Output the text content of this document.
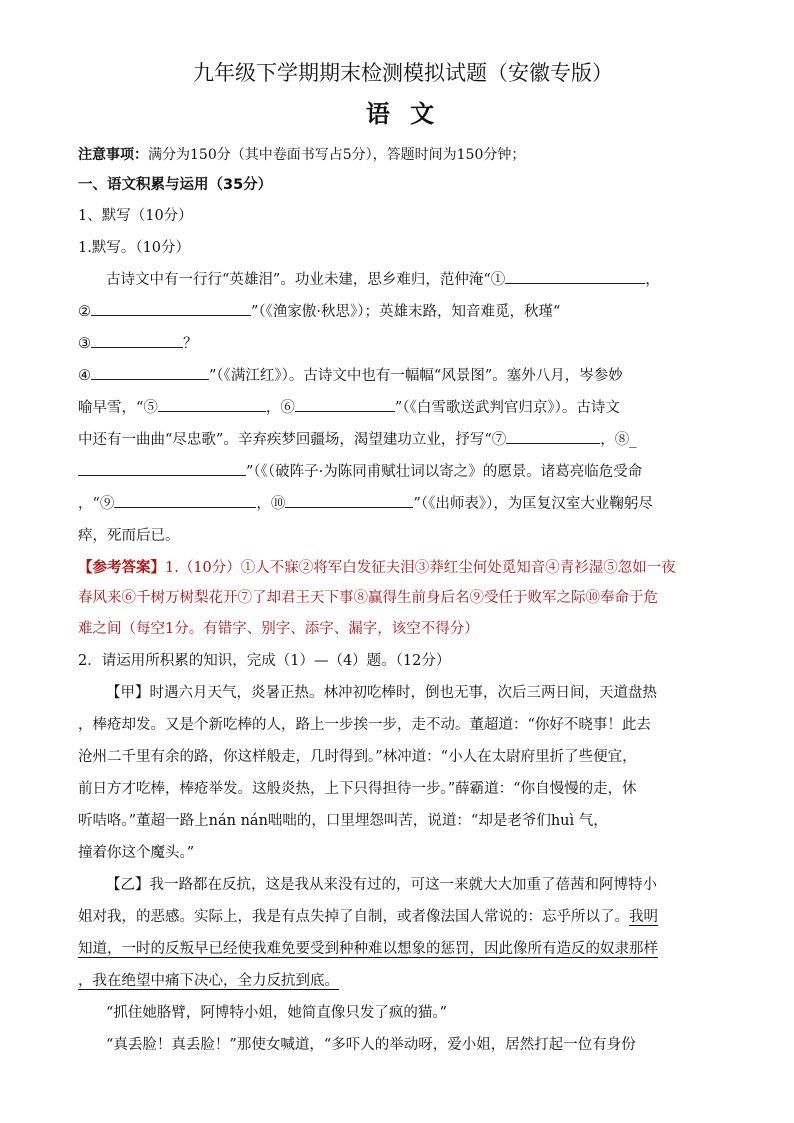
九年级下学期期末检测模拟试题（安徽专版）
语 文
注意事项：满分为150分（其中卷面书写占5分），答题时间为150分钟；
一、语文积累与运用（35分）
1、默写（10分）
1.默写。（10分）
古诗文中有一行行“英雄泪”。功业未建，思乡难归，范仲淹“①	，
②	”（《渔家傲·秋思》）；英雄末路，知音难觅，秋瑾“
③	？
④	”（《满江红》）。古诗文中也有一幅幅“风景图”。塞外八月，岑参妙
喻早雪，“⑤	，⑥	”（《白雪歌送武判官归京》）。古诗文
中还有一曲曲“尽忠歌”。辛弃疾梦回疆场，渴望建功立业，抒写“⑦	，⑧_
”（《（破阵子·为陈同甫赋壮词以寄之》的愿景。诸葛亮临危受命
，“⑨	，⑩	”（《出师表》），为匡复汉室大业鞠躬尽
瘁，死而后已。
【参考答案】1.（10分）①人不寐②将军白发征夫泪③莽红尘何处觅知音④青衫湿⑤忽如一夜
春风来⑥千树万树梨花开⑦了却君王天下事⑧赢得生前身后名⑨受任于败军之际⑩奉命于危
难之间（每空1分。有错字、别字、添字、漏字，该空不得分）
2．请运用所积累的知识，完成（1）—（4）题。（12分）
【甲】时遇六月天气，炎暑正热。林冲初吃棒时，倒也无事，次后三两日间，天道盘热
，棒疮却发。又是个新吃棒的人，路上一步挨一步，走不动。董超道：“你好不晓事！此去
沧州二千里有余的路，你这样般走，几时得到。”林冲道：“小人在太尉府里折了些便宜，
前日方才吃棒，棒疮举发。这般炎热，上下只得担待一步。”薛霸道：“你自慢慢的走，休
听咭咯。”董超一路上nán nán咄咄的，口里埋怨叫苦，说道：“却是老爷们huì 气，
撞着你这个魔头。”
【乙】我一路都在反抗，这是我从来没有过的，可这一来就大大加重了蓓茜和阿博特小
姐对我，的恶感。实际上，我是有点失掉了自制，或者像法国人常说的：忘乎所以了。我明
知道，一时的反叛早已经使我难免要受到种种难以想象的惩罚，因此像所有造反的奴隶那样
，我在绝望中痛下决心，全力反抗到底。
“抓住她胳臂，阿博特小姐，她简直像只发了疯的猫。”
“真丢脸！真丢脸！”那使女喊道，“多吓人的举动呀，爱小姐，居然打起一位有身份
